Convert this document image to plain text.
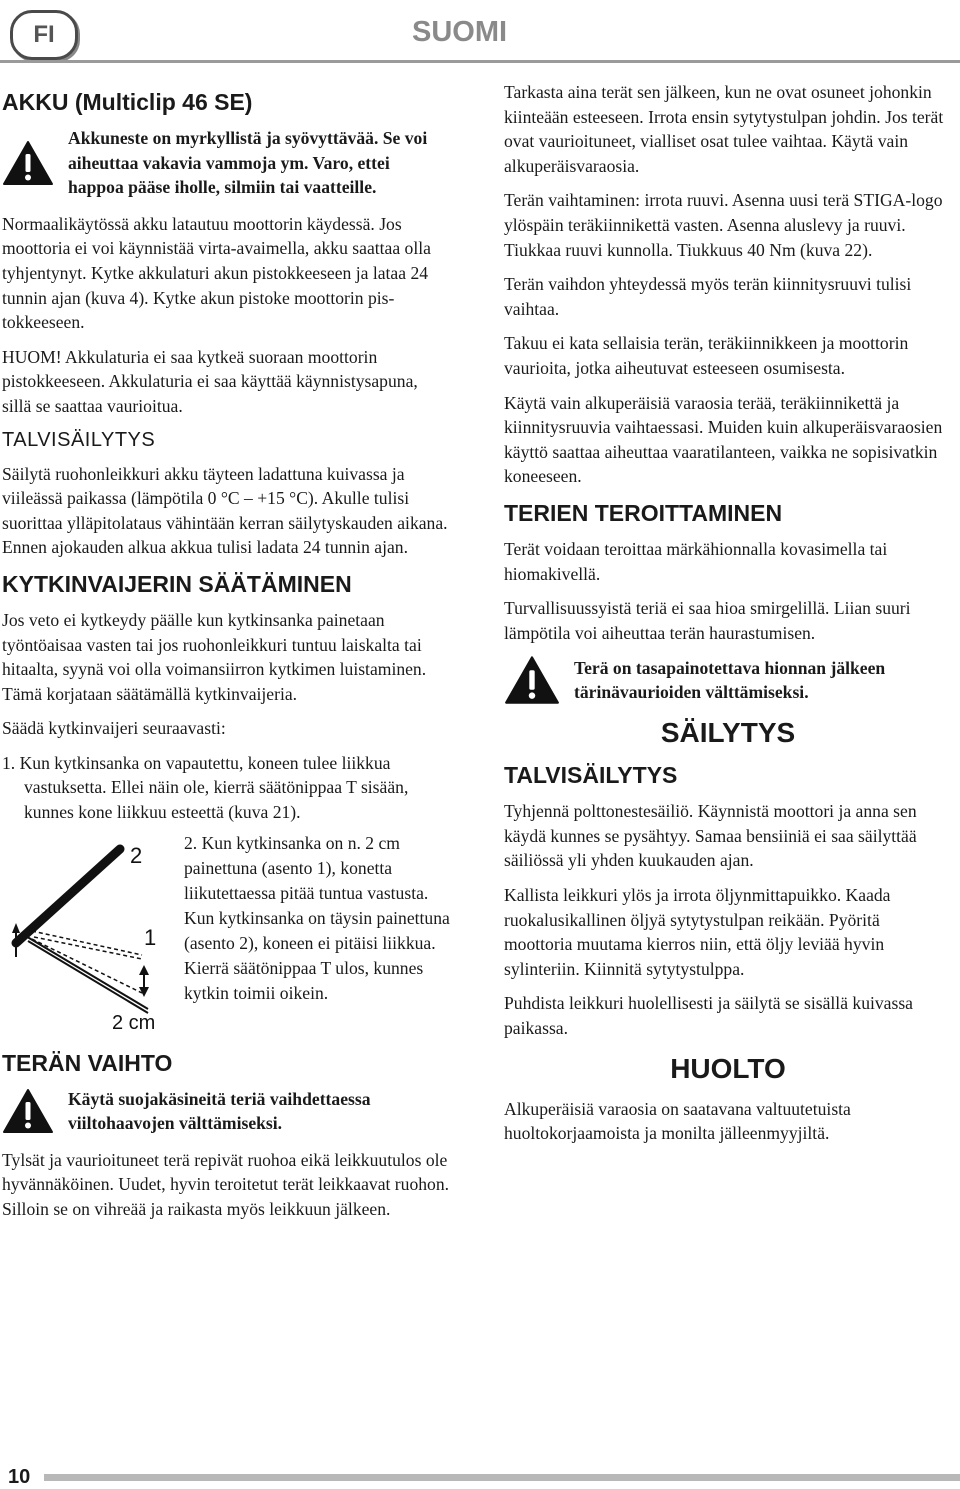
FI	SUOMI
AKKU (Multiclip 46 SE)

Akkuneste on myrkyllistä ja syövyttävää. Se voi aiheuttaa vakavia vammoja ym. Varo, ettei happoa pääse iholle, silmiin tai vaatteille.

Normaalikäytössä akku latautuu moottorin käydessä. Jos moottoria ei voi käynnistää virta-avaimella, akku saattaa olla tyhjentynyt. Kytke akkulaturi akun pistokkeeseen ja lataa 24 tunnin ajan (kuva 4). Kytke akun pistoke moottorin pistokkeeseen.

HUOM! Akkulaturia ei saa kytkeä suoraan moottorin pistokkeeseen. Akkulaturia ei saa käyttää käynnistysapuna, sillä se saattaa vaurioitua.

TALVISÄILYTYS

Säilytä ruohonleikkuri akku täyteen ladattuna kuivassa ja viileässä paikassa (lämpötila 0 °C – +15 °C). Akulle tulisi suorittaa ylläpitolataus vähintään kerran säilytyskauden aikana. Ennen ajokauden alkua akkua tulisi ladata 24 tunnin ajan.

KYTKINVAIJERIN SÄÄTÄMINEN

Jos veto ei kytkeydy päälle kun kytkinsanka painetaan työntöaisaa vasten tai jos ruohonleikkuri tuntuu laiskalta tai hitaalta, syynä voi olla voimansiirron kytkimen luistaminen. Tämä korjataan säätämällä kytkinvaijeria.

Säädä kytkinvaijeri seuraavasti:

1. Kun kytkinsanka on vapautettu, koneen tulee liikkua vastuksetta. Ellei näin ole, kierrä säätönippaa T sisään, kunnes kone liikkuu esteettä (kuva 21).
2
1
2 cm

2. Kun kytkinsanka on n. 2 cm painettuna (asento 1), konetta liikutettaessa pitää tuntua vastusta. Kun kytkinsanka on täysin painettuna (asento 2), koneen ei pitäisi liikkua. Kierrä säätönippaa T ulos, kunnes kytkin toimii oikein.

TERÄN VAIHTO

Käytä suojakäsineitä teriä vaihdettaessa viiltohaavojen välttämiseksi.

Tylsät ja vaurioituneet terä repivät ruohoa eikä leikkuutulos ole hyvännäköinen. Uudet, hyvin teroitetut terät leikkaavat ruohon. Silloin se on vihreää ja raikasta myös leikkuun jälkeen.

Tarkasta aina terät sen jälkeen, kun ne ovat osuneet johonkin kiinteään esteeseen. Irrota ensin sytytystulpan johdin. Jos terät ovat vaurioituneet, vialliset osat tulee vaihtaa. Käytä vain alkuperäisvaraosia.

Terän vaihtaminen: irrota ruuvi. Asenna uusi terä STIGA-logo ylöspäin teräkiinnikettä vasten. Asenna aluslevy ja ruuvi. Tiukkaa ruuvi kunnolla. Tiukkuus 40 Nm (kuva 22).

Terän vaihdon yhteydessä myös terän kiinnitysruuvi tulisi vaihtaa.

Takuu ei kata sellaisia terän, teräkiinnikkeen ja moottorin vaurioita, jotka aiheutuvat esteeseen osumisesta.

Käytä vain alkuperäisiä varaosia terää, teräkiinnikettä ja kiinnitysruuvia vaihtaessasi. Muiden kuin alkuperäisvaraosien käyttö saattaa aiheuttaa vaaratilanteen, vaikka ne sopisivatkin koneeseen.

TERIEN TEROITTAMINEN

Terät voidaan teroittaa märkähionnalla kovasimella tai hiomakivellä.

Turvallisuussyistä teriä ei saa hioa smirgelillä. Liian suuri lämpötila voi aiheuttaa terän haurastumisen.

Terä on tasapainotettava hionnan jälkeen tärinävaurioiden välttämiseksi.

SÄILYTYS
TALVISÄILYTYS

Tyhjennä polttonestesäiliö. Käynnistä moottori ja anna sen käydä kunnes se pysähtyy. Samaa bensiiniä ei saa säilyttää säiliössä yli yhden kuukauden ajan.

Kallista leikkuri ylös ja irrota öljynmittapuikko. Kaada ruokalusikallinen öljyä sytytystulpan reikään. Pyöritä moottoria muutama kierros niin, että öljy leviää hyvin sylinteriin. Kiinnitä sytytystulppa.

Puhdista leikkuri huolellisesti ja säilytä se sisällä kuivassa paikassa.

HUOLTO

Alkuperäisiä varaosia on saatavana valtuutetuista huoltokorjaamoista ja monilta jälleenmyyjiltä.

10
